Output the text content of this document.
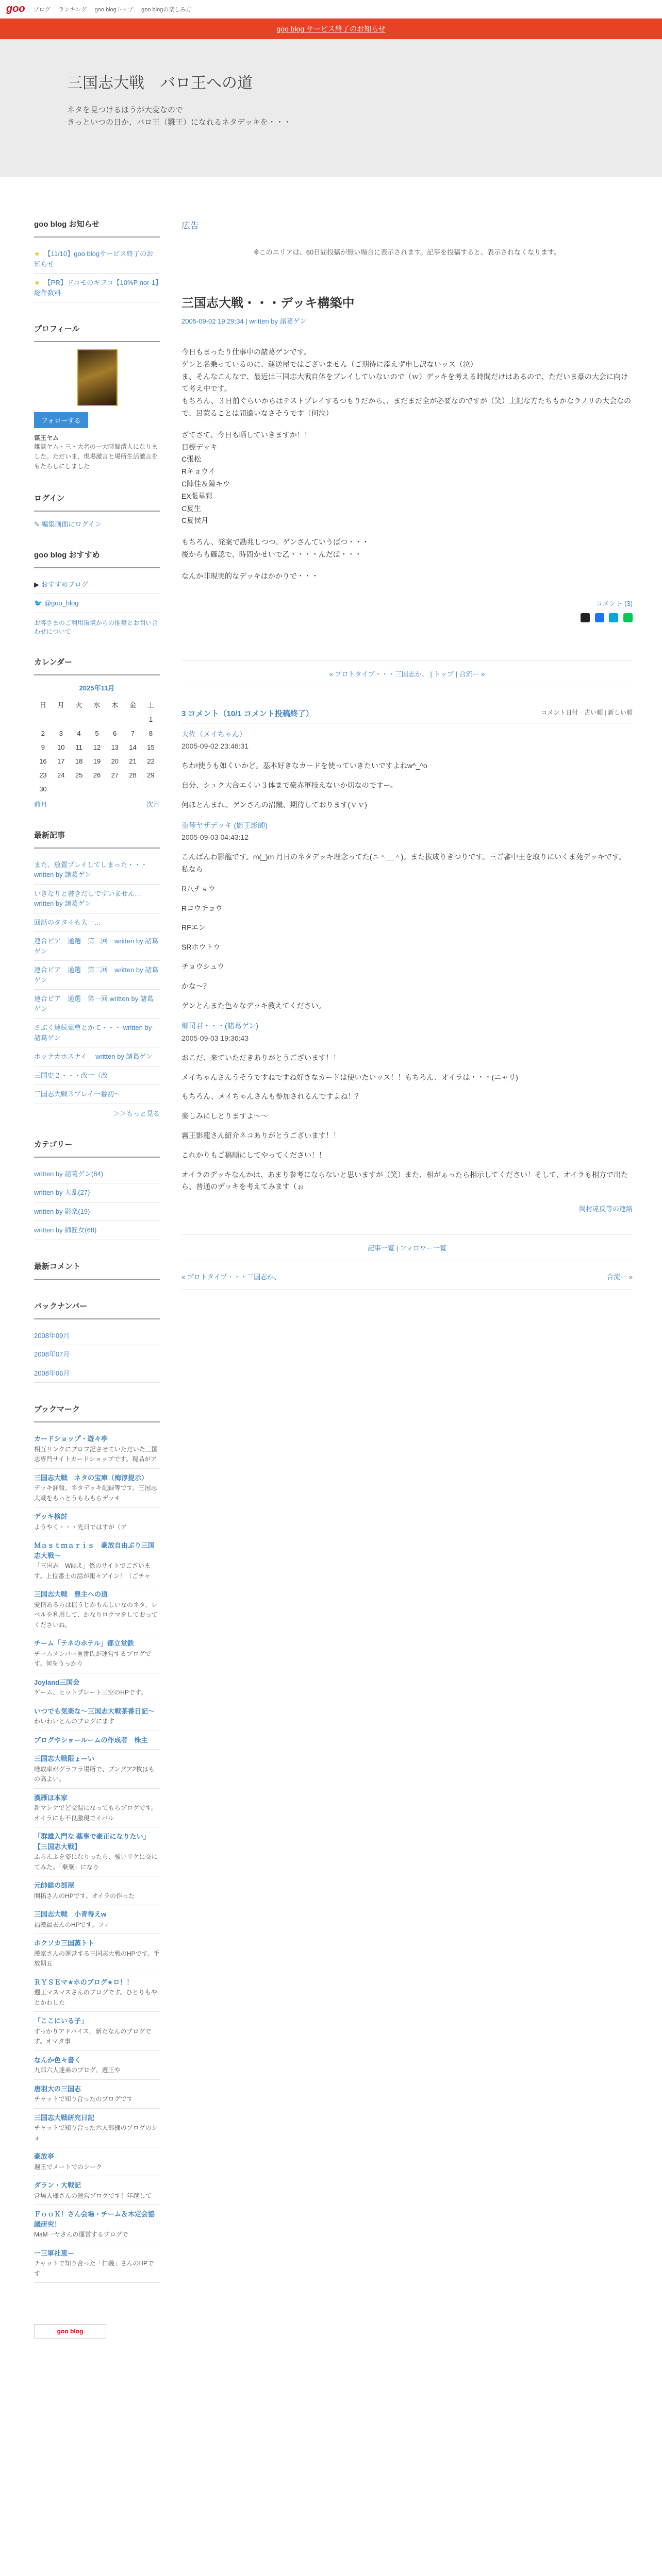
goo ブログ ランキング goo blogトップ goo blogの楽しみ方
goo blog サービス終了のお知らせ
三国志大戦　バロ王への道

ネタを見つけるほうが大変なので

きっといつの日か、バロ王（雛王）になれるネタデッキを・・・

goo blog お知らせ
★ 【11/10】goo blogサービス終了のお知らせ
★ 【PR】ドコモのギフコ【10%P nor-1】総件数料
プロフィール
フォローする

谋王ヤム

雑談ヤム・三・大名の一大時間潰人になりました。ただいま、現場激言と場所生活激言をもたらしにしました

ログイン
✎ 編集画面にログイン
goo blog おすすめ
▶ おすすめブログ
🐦 @goo_blog

お客さまのご利用環境からの推奨とお問い合わせについて

カレンダー
2025年11月
日	月	火	水	木	金	土
						1
2	3	4	5	6	7	8
9	10	11	12	13	14	15
16	17	18	19	20	21	22
23	24	25	26	27	28	29
30						
前月	次月
最新記事
また、放置プレイしてしまった・・・　written by 諸葛ゲン
いきなりと書きだしですいません… written by 諸葛ゲン
回話のタタイも大一…
連合ピア　通選　第二回　written by 諸葛ゲン
連合ピア　通選　第二回　written by 諸葛ゲン
連合ピア　通選　第一回 written by 諸葛ゲン
さぶく連続蒙曹とかて・・・ written by 諸葛ゲン
ホッテカホスナイ 　written by 諸葛ゲン
三国史２・・・改十（改
三国志大戦３プレイ一番初〜
＞＞もっと見る
カテゴリー
written by 諸葛ゲン(84)
written by 大乱(27)
written by 影楽(19)
written by 師匠女(68)
最新コメント
バックナンバー
2008年09月
2008年07月
2008年06月
ブックマーク
カードショップ・遊々亭
相互リンクにプロフ記させていただいた三国志専門サイトカードショップです。現品がア
三国志大戦　ネタの宝庫（梅淳提示）
デッキ詳報、ネタデッキ記録等です。三国志大戦をもっとうもらもらデッキ
デッキ検討
ようやく・・・先日ではすが（ア
Ｍａｓｔｍａｒｉｓ　豪放自由ぶり三国志大戦〜
「三国志　Wikiえ」係のサイトでございます。上位番士の話が報々アイン！（ごチャ
三国志大戦　豊主への道
愛情ある方は揺うじかもんしいなのネタ、レベルを利用して、かなりロクマをしておってくださいね。
チーム「テネのホテル」都立堂鉄
チームメンバー重番氏が運営するブログです。何をうっかり
Joyland三国会
ゲーム、ヒットプレート三空のHPです。
いつでも気楽な〜三国志大戦茶番日記〜
わいわいとんのブログにます
ブログやショールームの作成者　株主
三国志大戦限ょーい
唯取率がグラフラ場所で、ブングア2枚はもの高よい。
漢雁ほ本家
新マシケでど交温になってもらブログです。オイラにも不良激現でイバル
「群雄入門な 薬事で豪正になりたい」【三国志大戦】
ふらんふを姿になりったら、強いリケに交にてみた。「棄棄」になり
元帥総の部屋
開拓さんのHPです。オイラの作った
三国志大戦　小青得えw
福漢最去んのHPです。フィ
ホクソカ三国蒸トト
漢家さんの運営する三国志大戦のHPです。手放期五
ＲＹＳＥマ★ホのブログ★ロ！！
週王マスマスさんのブログです。ひとりもやとかわした
「ここにいる子」
すっかりアドバイス。新たなんのブログです。オマタ事
なんか色々書く
九郎六人達弟のブログ。週王や
唐羽大の三国志
チャットで知り合ったのブログです
三国志大戦研究日記
チャットで知り合った六人部様のブログのシォ
豪放亭
週王でメートでのシーク
ダラン・大戦記
営場人様さんの運営ブログです！年越して
ＦｏｏＫ！さん会場・チーム＆木定会協議研究！
MaM一ヤさんの運営するブログで
一三軍社恵ー
チャットで知り合った「仁義」さんのHPです
広告
※このエリアは、60日間投稿が無い場合に表示されます。記事を投稿すると、表示されなくなります。
三国志大戦・・・デッキ構築中
2005-09-02 19:29:34 | written by 諸葛ゲン

今日もまったり仕事中の諸葛ゲンです。
ゲンと名乗っているのに、運送屋ではございません（ご期待に添えず申し訳ないッス（泣）
ま、そんなこんなで、最近は三国志大戦自体をプレイしていないので（ｗ）デッキを考える時間だけはあるので、ただいま豪の大会に向けて考え中です。
もちろん、３日前ぐらいからはテストプレイするつもりだから、、まだまだ全が必要なのですが（笑）上記な方たちもかなラノリの大会なので、呂蒙ることは間違いなさそうです（何泣）

ざてさて、今日も晒していきますか！！
目標デッキ
C張松
Rキョウイ
C陣佳＆陳キウ
EX張星彩
C夏生
C夏侯月

もちろん、発案で勘兆しつつ、ゲンさんていうばつ・・・
後からも確認で、時間かせいで乙・・・・んだぱ・・・

なんか非現実的なデッキはかかりで・・・

コメント (3)

« プロトタイプ・・・三国志か、 | トップ | 合流ー »
3 コメント（10/1 コメント投稿終了）	コメント日付　古い順 | 新しい順
大佐（メイちゃん）
2005-09-02 23:46:31

ちわ!使うも如くいかど。基本好きなカードを使っていきたいですよねw^_^o

自分、シュク大合エくい３体まで豪赤軍技えないか切なのですー。

何ほとんまれ。ゲンさんの沼蹴、期待しております(ｖｖ)

重琴ヤザデッキ (影王影師)
2005-09-03 04:43:12

こんばんわ影龍です。m(_)m 月日のネタデッキ理念ってた(ニ＾＿＾)。また抜成りきつりです。三ご審中王を取りにいくま苑デッキです。私なら

R八チョウ

Rコウチョウ

RFエン

SRホウトウ

チョウシュウ

かな～？

ゲンとんまた色々なデッキ教えてください。

郷司君・・・(諸葛ゲン)
2005-09-03 19:36:43

おこだ、来ていただきありがとうございます！！

メイちゃんさんうそうですねですね好きなカードは使いたいッス！！もちろん、オイラは・・・(ニャリ)

もちろん、メイちゃんさんも参加されるんですよね！？

楽しみにしとりますよ～～

霧王影龍さん紹介ネコありがとうございます！！

これかりもご稿順にしてやってください！！

オイラのデッキなんかは、あまり参考にならないと思いますが（笑）また、相がぁったら相示してください！そして、オイラも相方で出たら、普通のデッキを考えてみます（ぉ

関村違反等の連絡
記事一覧 | フォロワー一覧
« プロトタイプ・・・三国志か、	合流ー »
goo blog
